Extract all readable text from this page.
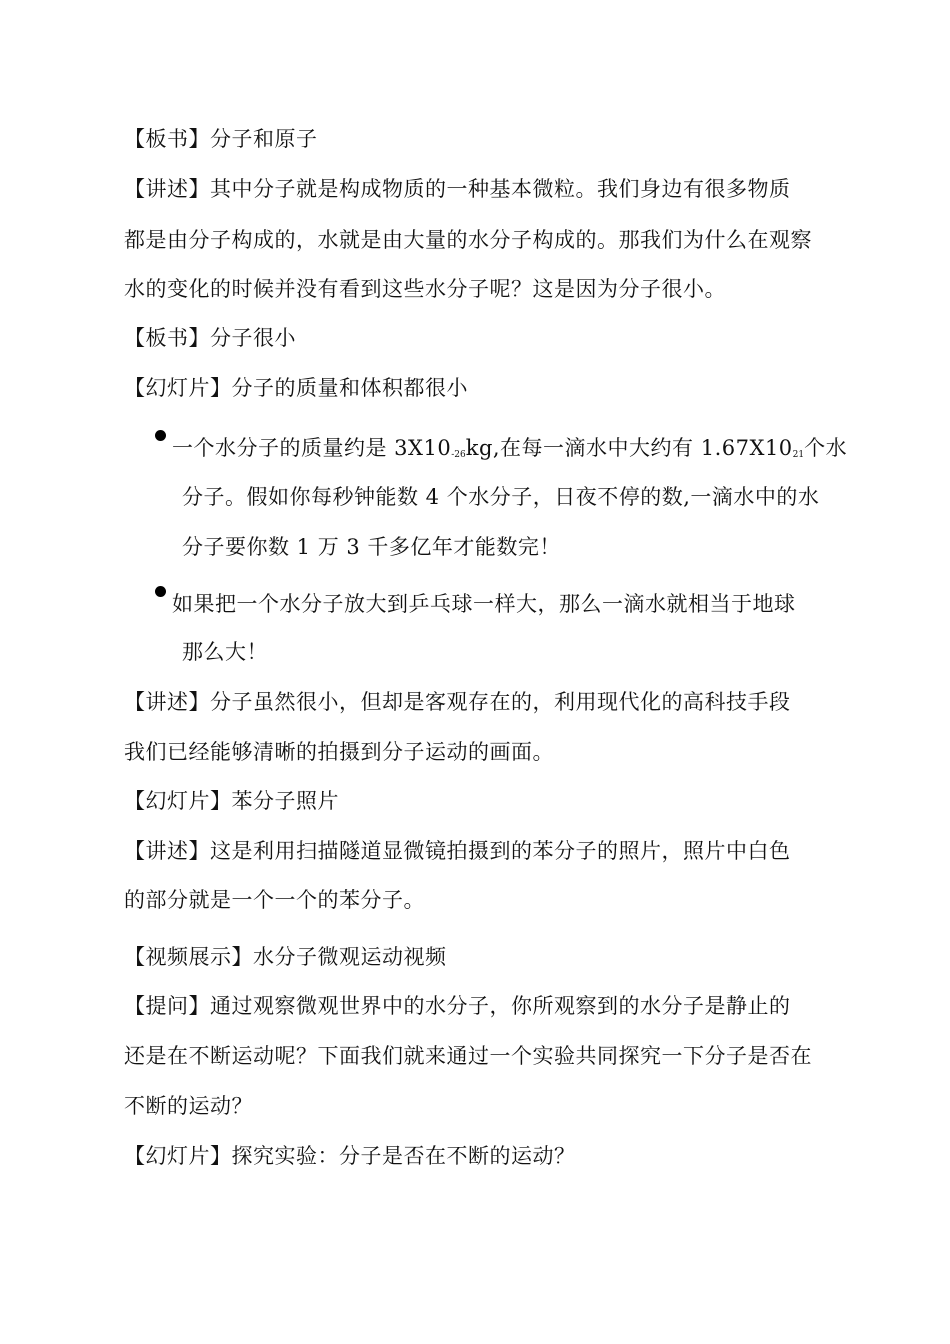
【板书】分子和原子
【讲述】其中分子就是构成物质的一种基本微粒。我们身边有很多物质
都是由分子构成的，水就是由大量的水分子构成的。那我们为什么在观察
水的变化的时候并没有看到这些水分子呢？这是因为分子很小。
【板书】分子很小
【幻灯片】分子的质量和体积都很小
一个水分子的质量约是 $3X10_{-26}kg$,在每一滴水中大约有 $1.67X10_{21}$个水
分子。假如你每秒钟能数 4 个水分子，日夜不停的数,一滴水中的水
分子要你数 1 万 3 千多亿年才能数完！
如果把一个水分子放大到乒乓球一样大，那么一滴水就相当于地球
那么大！
【讲述】分子虽然很小，但却是客观存在的，利用现代化的高科技手段
我们已经能够清晰的拍摄到分子运动的画面。
【幻灯片】苯分子照片
【讲述】这是利用扫描隧道显微镜拍摄到的苯分子的照片，照片中白色
的部分就是一个一个的苯分子。
【视频展示】水分子微观运动视频
【提问】通过观察微观世界中的水分子，你所观察到的水分子是静止的
还是在不断运动呢？下面我们就来通过一个实验共同探究一下分子是否在
不断的运动？
【幻灯片】探究实验：分子是否在不断的运动？
